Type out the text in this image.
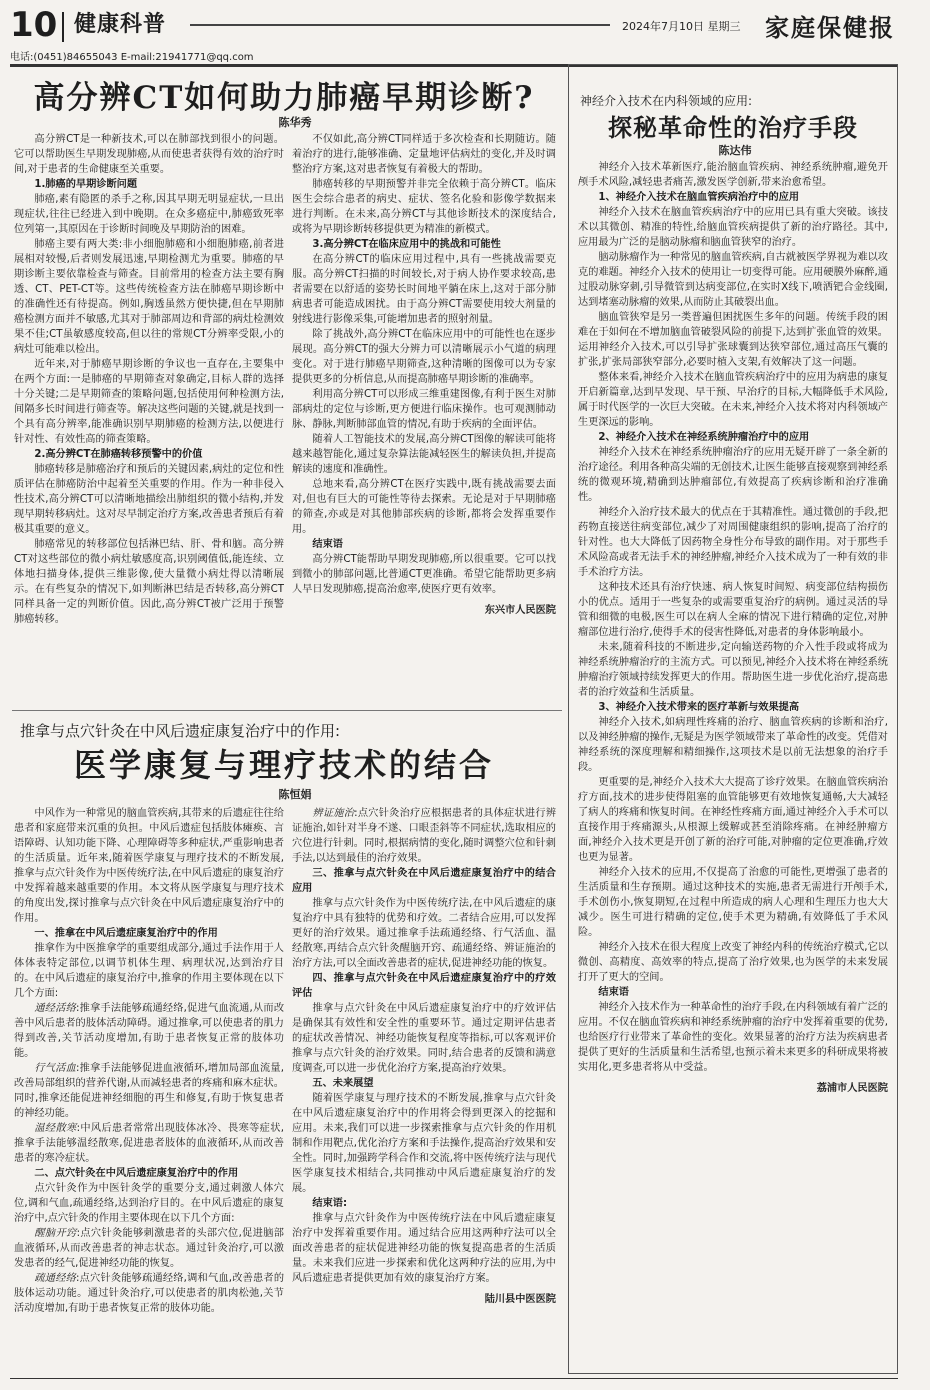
10 健康科普	2024年7月10日 星期三 家庭保健报
电话:(0451)84655043 E-mail:21941771@qq.com
高分辨CT如何助力肺癌早期诊断?
陈华秀

高分辨CT是一种新技术,可以在肺部找到很小的问题。它可以帮助医生早期发现肺癌,从而使患者获得有效的治疗时间,对于患者的生命健康至关重要。

1.肺癌的早期诊断问题

肺癌,素有隐匿的杀手之称,因其早期无明显症状,一旦出现症状,往往已经进入到中晚期。在众多癌症中,肺癌致死率位列第一,其原因在于诊断时间晚及早期防治的困难。

肺癌主要有两大类:非小细胞肺癌和小细胞肺癌,前者进展相对较慢,后者则发展迅速,早期检测尤为重要。肺癌的早期诊断主要依靠检查与筛查。目前常用的检查方法主要有胸透、CT、PET-CT等。这些传统检查方法在肺癌早期诊断中的准确性还有待提高。例如,胸透虽然方便快捷,但在早期肺癌检测方面并不敏感,尤其对于肺部周边和背部的病灶检测效果不佳;CT虽敏感度较高,但以往的常规CT分辨率受限,小的病灶可能难以检出。

近年来,对于肺癌早期诊断的争议也一直存在,主要集中在两个方面:一是肺癌的早期筛查对象确定,目标人群的选择十分关键;二是早期筛查的策略问题,包括使用何种检测方法,间隔多长时间进行筛查等。解决这些问题的关键,就是找到一个具有高分辨率,能准确识别早期肺癌的检测方法,以便进行针对性、有效性高的筛查策略。

2.高分辨CT在肺癌转移预警中的价值

肺癌转移是肺癌治疗和预后的关键因素,病灶的定位和性质评估在肺癌防治中起着至关重要的作用。作为一种非侵入性技术,高分辨CT可以清晰地描绘出肺组织的微小结构,并发现早期转移病灶。这对尽早制定治疗方案,改善患者预后有着极其重要的意义。

肺癌常见的转移部位包括淋巴结、肝、骨和脑。高分辨CT对这些部位的微小病灶敏感度高,识别阈值低,能连续、立体地扫描身体,提供三维影像,使大量微小病灶得以清晰展示。在有些复杂的情况下,如判断淋巴结是否转移,高分辨CT同样具备一定的判断价值。因此,高分辨CT被广泛用于预警肺癌转移。

不仅如此,高分辨CT同样适于多次检查和长期随访。随着治疗的进行,能够准确、定量地评估病灶的变化,并及时调整治疗方案,这对患者恢复有着极大的帮助。

肺癌转移的早期预警并非完全依赖于高分辨CT。临床医生会综合患者的病史、症状、签名化验和影像学数据来进行判断。在未来,高分辨CT与其他诊断技术的深度结合,或将为早期诊断转移提供更为精准的新模式。

3.高分辨CT在临床应用中的挑战和可能性

在高分辨CT的临床应用过程中,具有一些挑战需要克服。高分辨CT扫描的时间较长,对于病人协作要求较高,患者需要在以舒适的姿势长时间地平躺在床上,这对于部分肺病患者可能造成困扰。由于高分辨CT需要使用较大剂量的射线进行影像采集,可能增加患者的照射剂量。

除了挑战外,高分辨CT在临床应用中的可能性也在逐步展现。高分辨CT的强大分辨力可以清晰展示小气道的病理变化。对于进行肺癌早期筛查,这种清晰的图像可以为专家提供更多的分析信息,从而提高肺癌早期诊断的准确率。

利用高分辨CT可以形成三维重建图像,有利于医生对肺部病灶的定位与诊断,更方便进行临床操作。也可观测肺动脉、静脉,判断肺部血管的情况,有助于疾病的全面评估。

随着人工智能技术的发展,高分辨CT图像的解读可能将越来越智能化,通过复杂算法能减轻医生的解读负担,并提高解读的速度和准确性。

总地来看,高分辨CT在医疗实践中,既有挑战需要去面对,但也有巨大的可能性等待去探索。无论是对于早期肺癌的筛查,亦或是对其他肺部疾病的诊断,都将会发挥重要作用。

结束语

高分辨CT能帮助早期发现肺癌,所以很重要。它可以找到微小的肺部问题,比普通CT更准确。希望它能帮助更多病人早日发现肺癌,提高治愈率,使医疗更有效率。

东兴市人民医院

推拿与点穴针灸在中风后遗症康复治疗中的作用:
医学康复与理疗技术的结合
陈恒娟

中风作为一种常见的脑血管疾病,其带来的后遗症往往给患者和家庭带来沉重的负担。中风后遗症包括肢体瘫痪、言语障碍、认知功能下降、心理障碍等多种症状,严重影响患者的生活质量。近年来,随着医学康复与理疗技术的不断发展,推拿与点穴针灸作为中医传统疗法,在中风后遗症的康复治疗中发挥着越来越重要的作用。本文将从医学康复与理疗技术的角度出发,探讨推拿与点穴针灸在中风后遗症康复治疗中的作用。

一、推拿在中风后遗症康复治疗中的作用

推拿作为中医推拿学的重要组成部分,通过手法作用于人体体表特定部位,以调节机体生理、病理状况,达到治疗目的。在中风后遗症的康复治疗中,推拿的作用主要体现在以下几个方面:

通经活络:推拿手法能够疏通经络,促进气血流通,从而改善中风后患者的肢体活动障碍。通过推拿,可以使患者的肌力得到改善,关节活动度增加,有助于患者恢复正常的肢体功能。

行气活血:推拿手法能够促进血液循环,增加局部血流量,改善局部组织的营养代谢,从而减轻患者的疼痛和麻木症状。同时,推拿还能促进神经细胞的再生和修复,有助于恢复患者的神经功能。

温经散寒:中风后患者常常出现肢体冰冷、畏寒等症状,推拿手法能够温经散寒,促进患者肢体的血液循环,从而改善患者的寒冷症状。

二、点穴针灸在中风后遗症康复治疗中的作用

点穴针灸作为中医针灸学的重要分支,通过刺激人体穴位,调和气血,疏通经络,达到治疗目的。在中风后遗症的康复治疗中,点穴针灸的作用主要体现在以下几个方面:

醒脑开窍:点穴针灸能够刺激患者的头部穴位,促进脑部血液循环,从而改善患者的神志状态。通过针灸治疗,可以激发患者的经气,促进神经功能的恢复。

疏通经络:点穴针灸能够疏通经络,调和气血,改善患者的肢体运动功能。通过针灸治疗,可以使患者的肌肉松弛,关节活动度增加,有助于患者恢复正常的肢体功能。

辨证施治:点穴针灸治疗应根据患者的具体症状进行辨证施治,如针对半身不遂、口眼歪斜等不同症状,选取相应的穴位进行针刺。同时,根据病情的变化,随时调整穴位和针刺手法,以达到最佳的治疗效果。

三、推拿与点穴针灸在中风后遗症康复治疗中的结合应用

推拿与点穴针灸作为中医传统疗法,在中风后遗症的康复治疗中具有独特的优势和疗效。二者结合应用,可以发挥更好的治疗效果。通过推拿手法疏通经络、行气活血、温经散寒,再结合点穴针灸醒脑开窍、疏通经络、辨证施治的治疗方法,可以全面改善患者的症状,促进神经功能的恢复。

四、推拿与点穴针灸在中风后遗症康复治疗中的疗效评估

推拿与点穴针灸在中风后遗症康复治疗中的疗效评估是确保其有效性和安全性的重要环节。通过定期评估患者的症状改善情况、神经功能恢复程度等指标,可以客观评价推拿与点穴针灸的治疗效果。同时,结合患者的反馈和满意度调查,可以进一步优化治疗方案,提高治疗效果。

五、未来展望

随着医学康复与理疗技术的不断发展,推拿与点穴针灸在中风后遗症康复治疗中的作用将会得到更深入的挖掘和应用。未来,我们可以进一步探索推拿与点穴针灸的作用机制和作用靶点,优化治疗方案和手法操作,提高治疗效果和安全性。同时,加强跨学科合作和交流,将中医传统疗法与现代医学康复技术相结合,共同推动中风后遗症康复治疗的发展。

结束语:

推拿与点穴针灸作为中医传统疗法在中风后遗症康复治疗中发挥着重要作用。通过结合应用这两种疗法可以全面改善患者的症状促进神经功能的恢复提高患者的生活质量。未来我们应进一步探索和优化这两种疗法的应用,为中风后遗症患者提供更加有效的康复治疗方案。

陆川县中医医院

神经介入技术在内科领域的应用:
探秘革命性的治疗手段
陈达伟

神经介入技术革新医疗,能治脑血管疾病、神经系统肿瘤,避免开颅手术风险,减轻患者痛苦,激发医学创新,带来治愈希望。

1、神经介入技术在脑血管疾病治疗中的应用

神经介入技术在脑血管疾病治疗中的应用已具有重大突破。该技术以其微创、精准的特性,给脑血管疾病提供了新的治疗路径。其中,应用最为广泛的是脑动脉瘤和脑血管狭窄的治疗。

脑动脉瘤作为一种常见的脑血管疾病,自古就被医学界视为难以攻克的难题。神经介入技术的使用让一切变得可能。应用硬膜外麻醉,通过股动脉穿刺,引导微管到达病变部位,在实时X线下,喷洒钯合金线圈,达到堵塞动脉瘤的效果,从而防止其破裂出血。

脑血管狭窄是另一类普遍但困扰医生多年的问题。传统手段的困难在于如何在不增加脑血管破裂风险的前提下,达到扩张血管的效果。运用神经介入技术,可以引导扩张球囊到达狭窄部位,通过高压气囊的扩张,扩张局部狭窄部分,必要时植入支架,有效解决了这一问题。

整体来看,神经介入技术在脑血管疾病治疗中的应用为病患的康复开启新篇章,达到早发现、早干预、早治疗的目标,大幅降低手术风险,属于时代医学的一次巨大突破。在未来,神经介入技术将对内科领域产生更深远的影响。

2、神经介入技术在神经系统肿瘤治疗中的应用

神经介入技术在神经系统肿瘤治疗的应用无疑开辟了一条全新的治疗途径。利用各种高尖端的无创技术,让医生能够直接观察到神经系统的微观环境,精确到达肿瘤部位,有效提高了疾病诊断和治疗准确性。

神经介入治疗技术最大的优点在于其精准性。通过微创的手段,把药物直接送往病变部位,减少了对周围健康组织的影响,提高了治疗的针对性。也大大降低了因药物全身性分布导致的副作用。对于那些手术风险高或者无法手术的神经肿瘤,神经介入技术成为了一种有效的非手术治疗方法。

这种技术还具有治疗快速、病人恢复时间短、病变部位结构损伤小的优点。适用于一些复杂的或需要重复治疗的病例。通过灵活的导管和细微的电极,医生可以在病人全麻的情况下进行精确的定位,对肿瘤部位进行治疗,使得手术的侵害性降低,对患者的身体影响最小。

未来,随着科技的不断进步,定向输送药物的介入性手段或将成为神经系统肿瘤治疗的主流方式。可以预见,神经介入技术将在神经系统肿瘤治疗领域持续发挥更大的作用。帮助医生进一步优化治疗,提高患者的治疗效益和生活质量。

3、神经介入技术带来的医疗革新与效果提高

神经介入技术,如病理性疼痛的治疗、脑血管疾病的诊断和治疗,以及神经肿瘤的操作,无疑是为医学领域带来了革命性的改变。凭借对神经系统的深度理解和精细操作,这项技术是以前无法想象的治疗手段。

更重要的是,神经介入技术大大提高了诊疗效果。在脑血管疾病治疗方面,技术的进步使得阻塞的血管能够更有效地恢复通畅,大大减轻了病人的疼痛和恢复时间。在神经性疼痛方面,通过神经介入手术可以直接作用于疼痛源头,从根源上缓解或甚至消除疼痛。在神经肿瘤方面,神经介入技术更是开创了新的治疗可能,对肿瘤的定位更准确,疗效也更为显著。

神经介入技术的应用,不仅提高了治愈的可能性,更增强了患者的生活质量和生存预期。通过这种技术的实施,患者无需进行开颅手术,手术创伤小,恢复期短,在过程中所造成的病人心理和生理压力也大大减少。医生可进行精确的定位,使手术更为精确,有效降低了手术风险。

神经介入技术在很大程度上改变了神经内科的传统治疗模式,它以微创、高精度、高效率的特点,提高了治疗效果,也为医学的未来发展打开了更大的空间。

结束语

神经介入技术作为一种革命性的治疗手段,在内科领域有着广泛的应用。不仅在脑血管疾病和神经系统肿瘤的治疗中发挥着重要的优势,也给医疗行业带来了革命性的变化。效果显著的治疗方法为疾病患者提供了更好的生活质量和生活希望,也预示着未来更多的科研成果将被实用化,更多患者将从中受益。

荔浦市人民医院
